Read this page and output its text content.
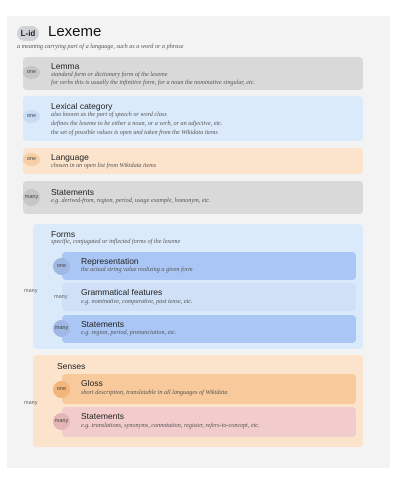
L-id Lexeme
a meaning carrying part of a language, such as a word or a phrase
one
Lemma
standard form or dictionary form of the lexeme
for verbs this is usually the infinitive form, for a noun the nominative singular, etc.
one
Lexical category
also known as the part of speech or word class
defines the lexeme to be either a noun, or a verb, or an adjective, etc.
the set of possible values is open and taken from the Wikidata items
one	Language
chosen in an open list from Wikidata items
many Statements
e.g. derived-from, region, period, usage example, homonym, etc.
many
Forms
specific, conjugated or inflected forms of the lexeme
one	Representation
the actual string value realizing a given form
many Grammatical features
e.g. nominative, comparative, past tense, etc.
many Statements
e.g. region, period, pronunciation, etc.
many
Senses
one
Gloss
short description, translatable in all languages of Wikidata
many Statements
e.g. translations, synonyms, connotation, register, refers-to-concept, etc.
